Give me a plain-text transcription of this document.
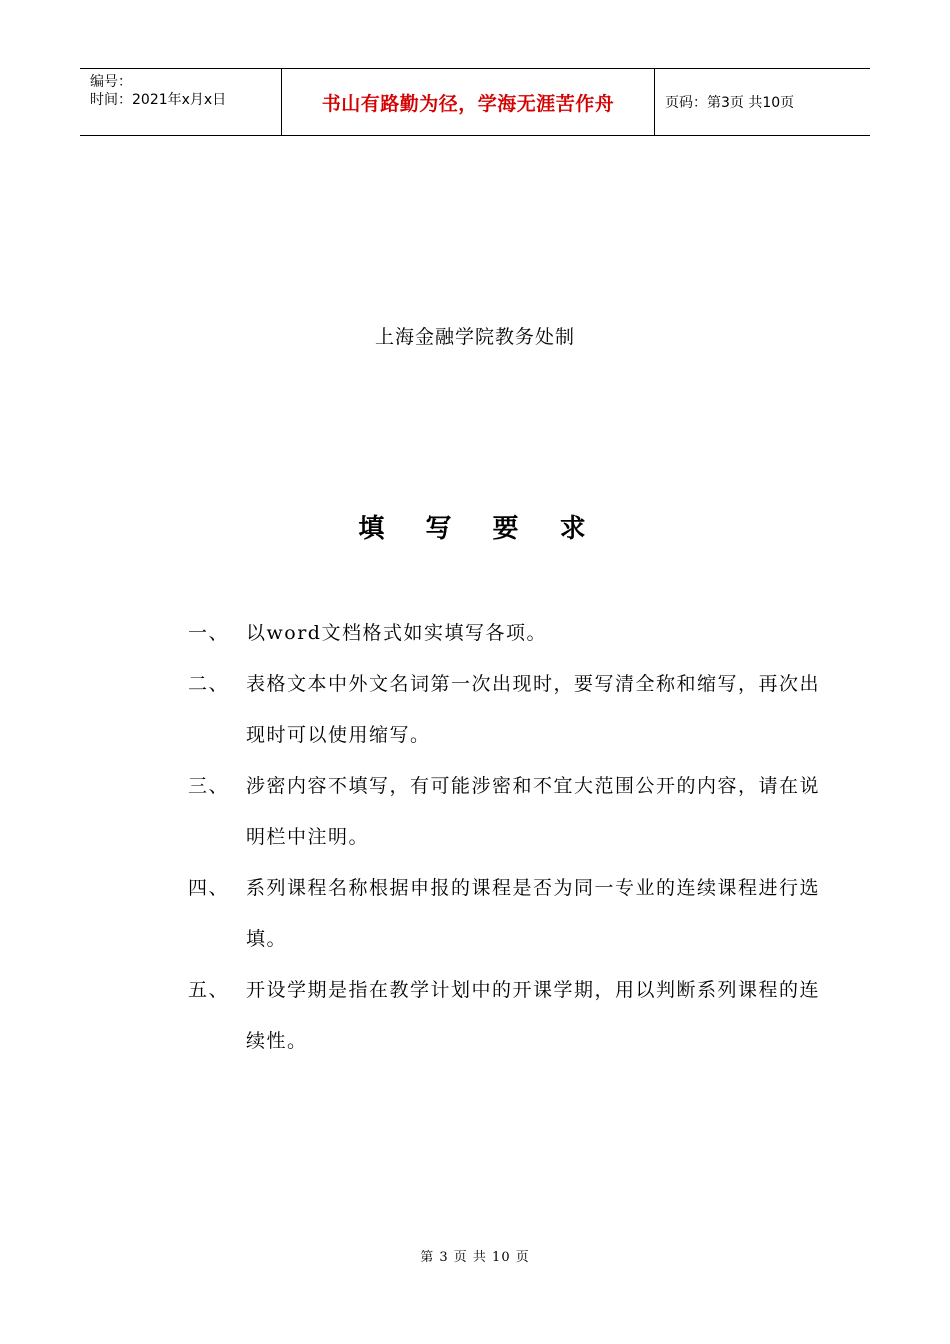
编号：
时间：2021年x月x日	书山有路勤为径，学海无涯苦作舟	页码：第3页 共10页
上海金融学院教务处制
填 写 要 求
一、 以word文档格式如实填写各项。
二、 表格文本中外文名词第一次出现时，要写清全称和缩写，再次出现时可以使用缩写。
三、 涉密内容不填写，有可能涉密和不宜大范围公开的内容，请在说明栏中注明。
四、 系列课程名称根据申报的课程是否为同一专业的连续课程进行选填。
五、 开设学期是指在教学计划中的开课学期，用以判断系列课程的连续性。
第 3 页 共 10 页
